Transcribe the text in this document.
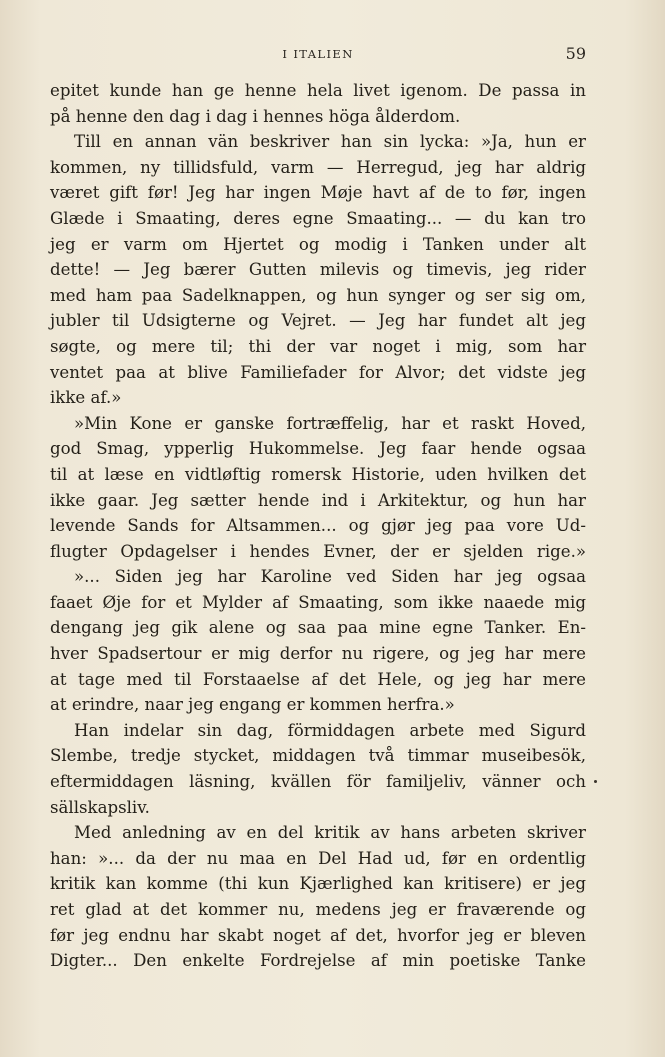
I ITALIEN	59
epitet kunde han ge henne hela livet igenom. De passa in
på henne den dag i dag i hennes höga ålderdom.
Till en annan vän beskriver han sin lycka: »Ja, hun er
kommen, ny tillidsfuld, varm — Herregud, jeg har aldrig
været gift før! Jeg har ingen Møje havt af de to før, ingen
Glæde i Smaating, deres egne Smaating... — du kan tro
jeg er varm om Hjertet og modig i Tanken under alt
dette! — Jeg bærer Gutten milevis og timevis, jeg rider
med ham paa Sadelknappen, og hun synger og ser sig om,
jubler til Udsigterne og Vejret. — Jeg har fundet alt jeg
søgte, og mere til; thi der var noget i mig, som har
ventet paa at blive Familiefader for Alvor; det vidste jeg
ikke af.»
»Min Kone er ganske fortræffelig, har et raskt Hoved,
god Smag, ypperlig Hukommelse. Jeg faar hende ogsaa
til at læse en vidtløftig romersk Historie, uden hvilken det
ikke gaar. Jeg sætter hende ind i Arkitektur, og hun har
levende Sands for Altsammen... og gjør jeg paa vore Ud-
flugter Opdagelser i hendes Evner, der er sjelden rige.»
»... Siden jeg har Karoline ved Siden har jeg ogsaa
faaet Øje for et Mylder af Smaating, som ikke naaede mig
dengang jeg gik alene og saa paa mine egne Tanker. En-
hver Spadsertour er mig derfor nu rigere, og jeg har mere
at tage med til Forstaaelse af det Hele, og jeg har mere
at erindre, naar jeg engang er kommen herfra.»
Han indelar sin dag, förmiddagen arbete med Sigurd
Slembe, tredje stycket, middagen två timmar museibesök,
eftermiddagen läsning, kvällen för familjeliv, vänner och
sällskapsliv.
Med anledning av en del kritik av hans arbeten skriver
han: »... da der nu maa en Del Had ud, før en ordentlig
kritik kan komme (thi kun Kjærlighed kan kritisere) er jeg
ret glad at det kommer nu, medens jeg er fraværende og
før jeg endnu har skabt noget af det, hvorfor jeg er bleven
Digter... Den enkelte Fordrejelse af min poetiske Tanke
